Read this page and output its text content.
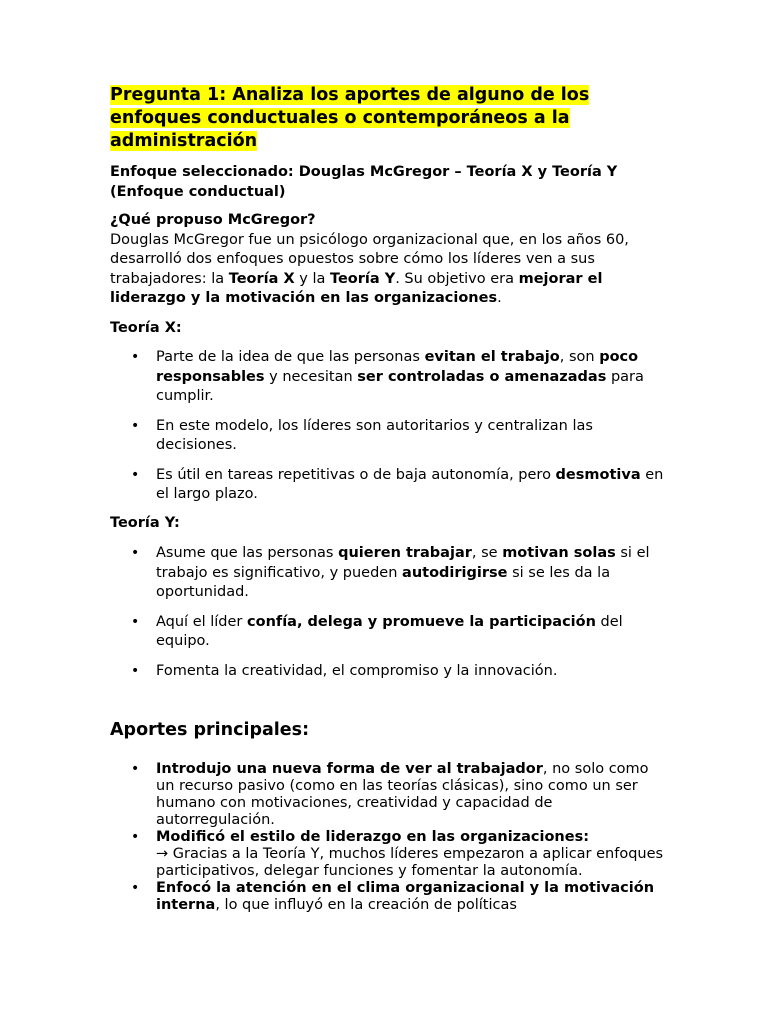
Pregunta 1: Analiza los aportes de alguno de los
enfoques conductuales o contemporáneos a la
administración

Enfoque seleccionado: Douglas McGregor – Teoría X y Teoría Y
(Enfoque conductual)

¿Qué propuso McGregor?
Douglas McGregor fue un psicólogo organizacional que, en los años 60, desarrolló dos enfoques opuestos sobre cómo los líderes ven a sus trabajadores: la Teoría X y la Teoría Y. Su objetivo era mejorar el liderazgo y la motivación en las organizaciones.
Teoría X:
• Parte de la idea de que las personas evitan el trabajo, son poco responsables y necesitan ser controladas o amenazadas para cumplir.
• En este modelo, los líderes son autoritarios y centralizan las decisiones.
• Es útil en tareas repetitivas o de baja autonomía, pero desmotiva en el largo plazo.
Teoría Y:
• Asume que las personas quieren trabajar, se motivan solas si el trabajo es significativo, y pueden autodirigirse si se les da la oportunidad.
• Aquí el líder confía, delega y promueve la participación del equipo.
• Fomenta la creatividad, el compromiso y la innovación.
Aportes principales:
• Introdujo una nueva forma de ver al trabajador, no solo como un recurso pasivo (como en las teorías clásicas), sino como un ser humano con motivaciones, creatividad y capacidad de autorregulación.
• Modificó el estilo de liderazgo en las organizaciones:
→ Gracias a la Teoría Y, muchos líderes empezaron a aplicar enfoques participativos, delegar funciones y fomentar la autonomía.
• Enfocó la atención en el clima organizacional y la motivación interna, lo que influyó en la creación de políticas
